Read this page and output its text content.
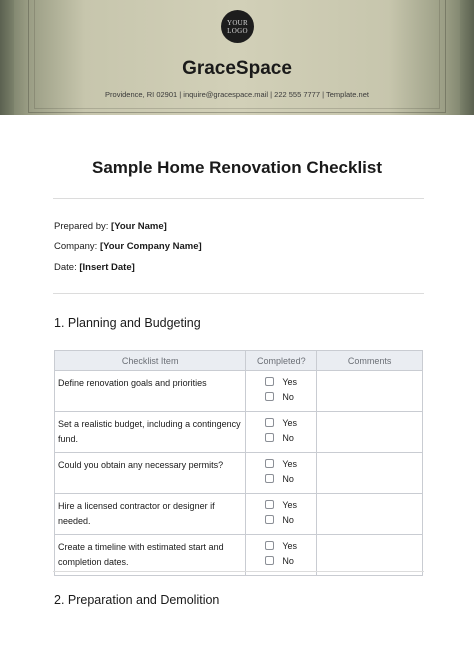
YOUR
LOGO
GraceSpace
Providence, RI 02901 | inquire@gracespace.mail | 222 555 7777 | Template.net
Sample Home Renovation Checklist
Prepared by: [Your Name]
Company: [Your Company Name]
Date: [Insert Date]
1. Planning and Budgeting
Checklist Item	Completed?	Comments
Define renovation goals and priorities	Yes
No	

Set a realistic budget, including a contingency fund.	Yes
No	

Could you obtain any necessary permits?	Yes
No	

Hire a licensed contractor or designer if needed.	Yes
No	

Create a timeline with estimated start and completion dates.	Yes
No	

2. Preparation and Demolition
